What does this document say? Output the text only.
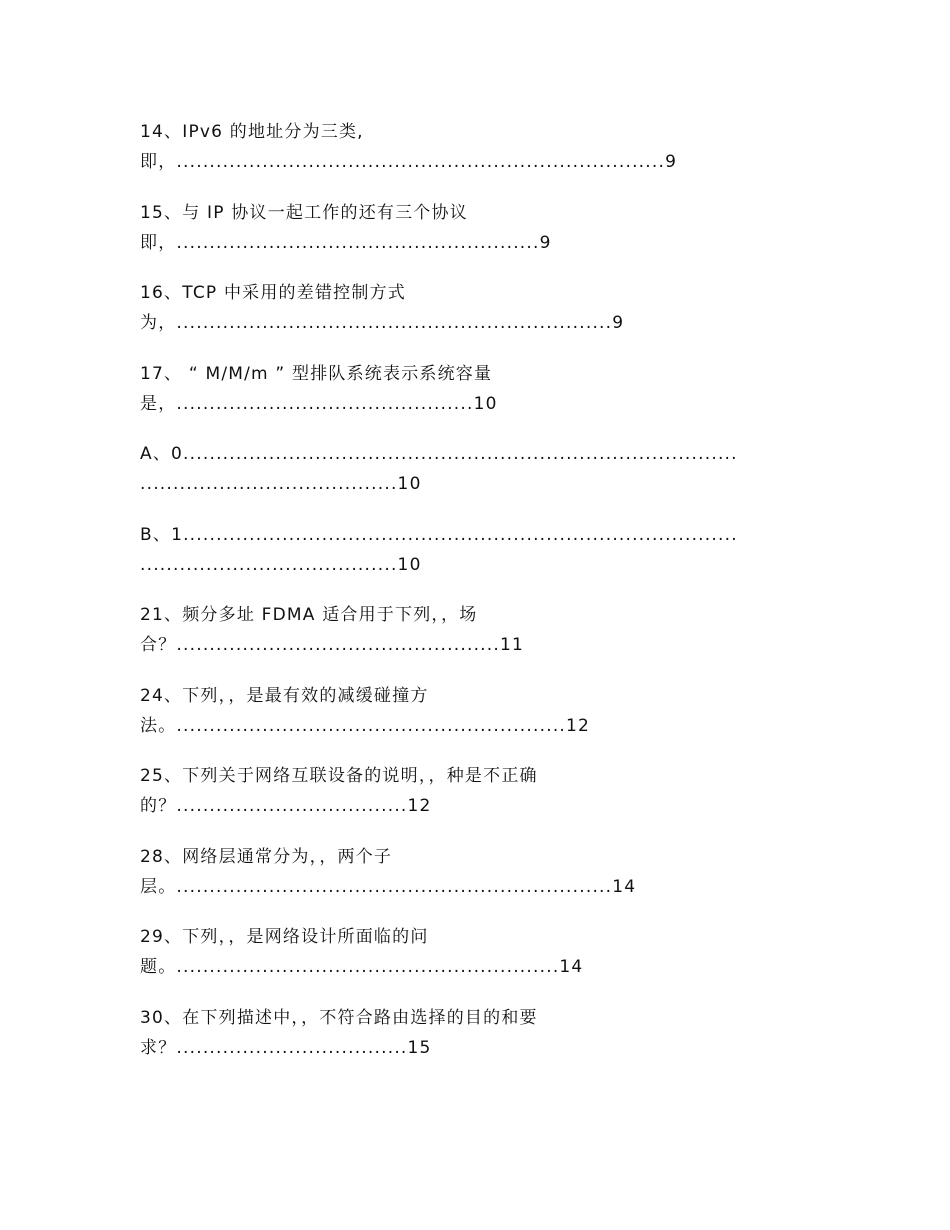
14、IPv6 的地址分为三类,
即，..........................................................................9
15、与 IP 协议一起工作的还有三个协议
即，.......................................................9
16、TCP 中采用的差错控制方式
为，..................................................................9
17、 “ M/M/m ” 型排队系统表示系统容量
是，.............................................10
A、0....................................................................................
.......................................10
B、1....................................................................................
.......................................10
21、频分多址 FDMA 适合用于下列，，场
合？.................................................11
24、下列，，是最有效的减缓碰撞方
法。...........................................................12
25、下列关于网络互联设备的说明，，种是不正确
的？...................................12
28、网络层通常分为，，两个子
层。..................................................................14
29、下列，，是网络设计所面临的问
题。..........................................................14
30、在下列描述中，，不符合路由选择的目的和要
求？...................................15
